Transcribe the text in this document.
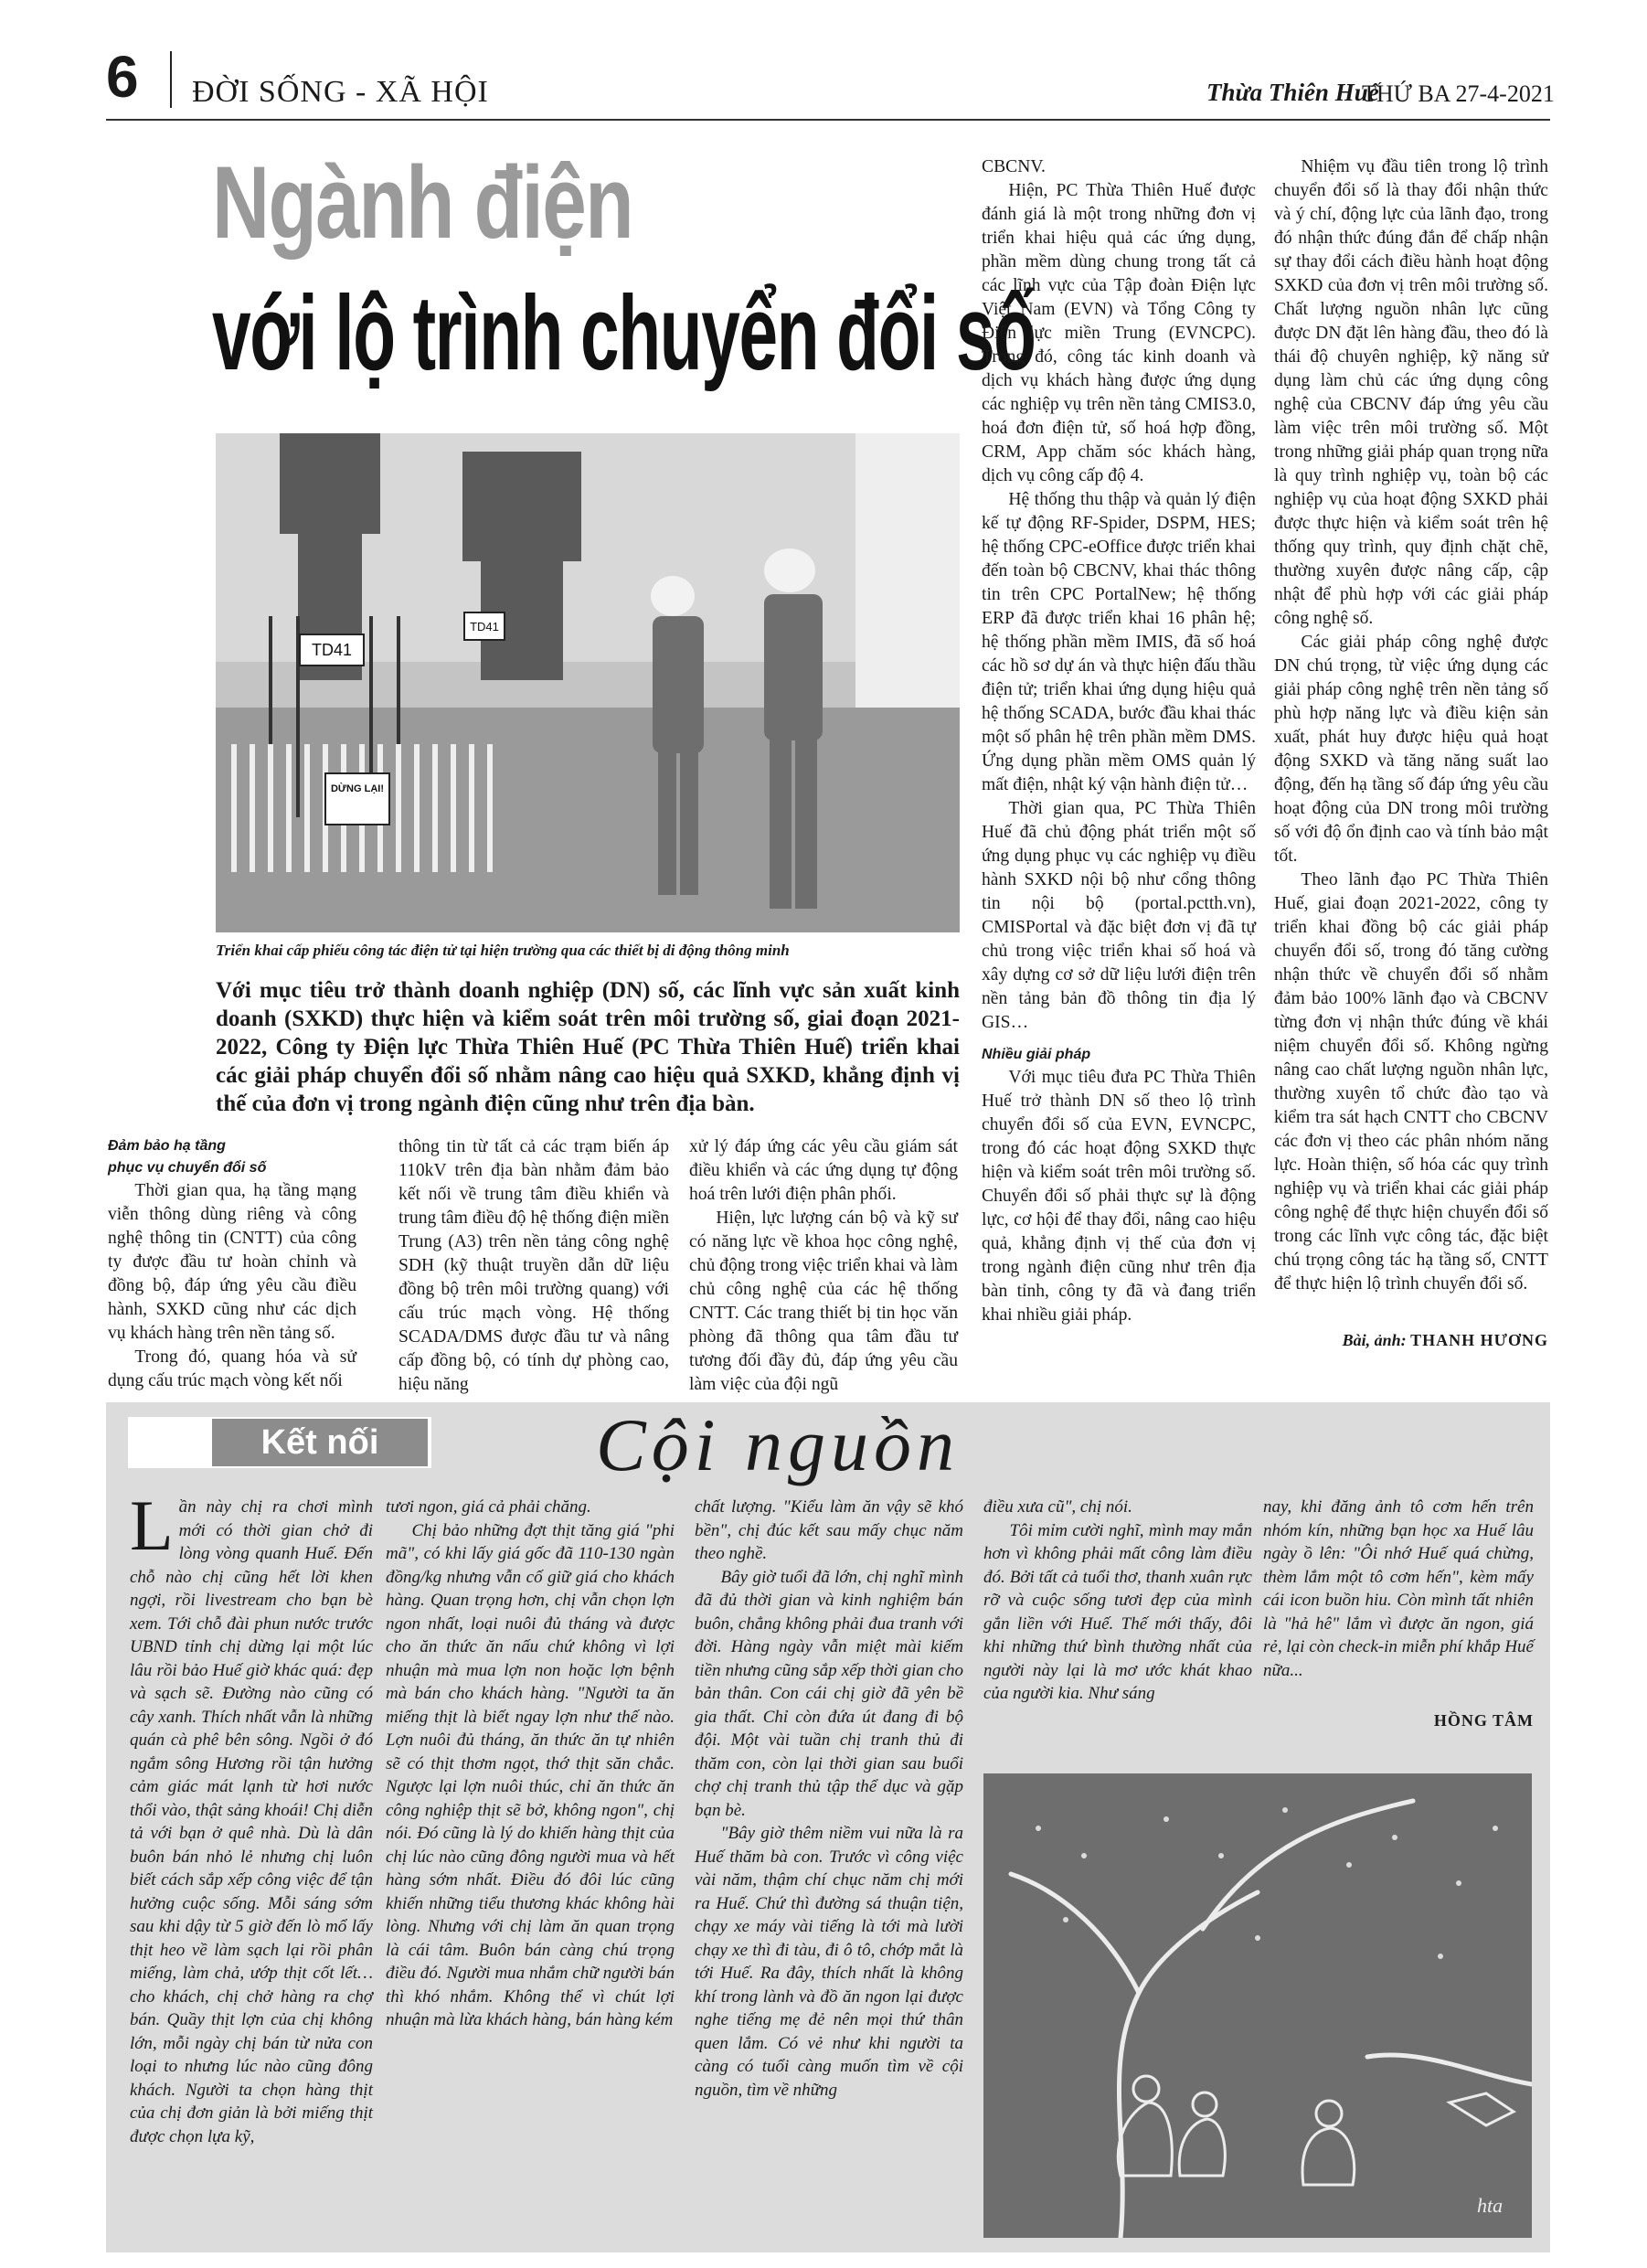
6 ĐỜI SỐNG - XÃ HỘI	Thừa Thiên Huế
THỨ BA 27-4-2021
Ngành điện
với lộ trình chuyển đổi số
TD41
TD41
DỪNG LẠI!
Triển khai cấp phiếu công tác điện tử tại hiện trường qua các thiết bị di động thông minh
Với mục tiêu trở thành doanh nghiệp (DN) số, các lĩnh vực sản xuất kinh doanh (SXKD) thực hiện và kiểm soát trên môi trường số, giai đoạn 2021-2022, Công ty Điện lực Thừa Thiên Huế (PC Thừa Thiên Huế) triển khai các giải pháp chuyển đổi số nhằm nâng cao hiệu quả SXKD, khẳng định vị thế của đơn vị trong ngành điện cũng như trên địa bàn.

Đảm bảo hạ tầng

phục vụ chuyển đổi số

Thời gian qua, hạ tầng mạng viễn thông dùng riêng và công nghệ thông tin (CNTT) của công ty được đầu tư hoàn chỉnh và đồng bộ, đáp ứng yêu cầu điều hành, SXKD cũng như các dịch vụ khách hàng trên nền tảng số.

Trong đó, quang hóa và sử dụng cấu trúc mạch vòng kết nối

thông tin từ tất cả các trạm biến áp 110kV trên địa bàn nhằm đảm bảo kết nối về trung tâm điều khiển và trung tâm điều độ hệ thống điện miền Trung (A3) trên nền tảng công nghệ SDH (kỹ thuật truyền dẫn dữ liệu đồng bộ trên môi trường quang) với cấu trúc mạch vòng. Hệ thống SCADA/DMS được đầu tư và nâng cấp đồng bộ, có tính dự phòng cao, hiệu năng

xử lý đáp ứng các yêu cầu giám sát điều khiển và các ứng dụng tự động hoá trên lưới điện phân phối.

Hiện, lực lượng cán bộ và kỹ sư có năng lực về khoa học công nghệ, chủ động trong việc triển khai và làm chủ công nghệ của các hệ thống CNTT. Các trang thiết bị tin học văn phòng đã thông qua tâm đầu tư tương đối đầy đủ, đáp ứng yêu cầu làm việc của đội ngũ

CBCNV.

Hiện, PC Thừa Thiên Huế được đánh giá là một trong những đơn vị triển khai hiệu quả các ứng dụng, phần mềm dùng chung trong tất cả các lĩnh vực của Tập đoàn Điện lực Việt Nam (EVN) và Tổng Công ty Điện lực miền Trung (EVNCPC). Trong đó, công tác kinh doanh và dịch vụ khách hàng được ứng dụng các nghiệp vụ trên nền tảng CMIS3.0, hoá đơn điện tử, số hoá hợp đồng, CRM, App chăm sóc khách hàng, dịch vụ công cấp độ 4.

Hệ thống thu thập và quản lý điện kế tự động RF-Spider, DSPM, HES; hệ thống CPC-eOffice được triển khai đến toàn bộ CBCNV, khai thác thông tin trên CPC PortalNew; hệ thống ERP đã được triển khai 16 phân hệ; hệ thống phần mềm IMIS, đã số hoá các hồ sơ dự án và thực hiện đấu thầu điện tử; triển khai ứng dụng hiệu quả hệ thống SCADA, bước đầu khai thác một số phân hệ trên phần mềm DMS. Ứng dụng phần mềm OMS quản lý mất điện, nhật ký vận hành điện tử…

Thời gian qua, PC Thừa Thiên Huế đã chủ động phát triển một số ứng dụng phục vụ các nghiệp vụ điều hành SXKD nội bộ như cổng thông tin nội bộ (portal.pctth.vn), CMISPortal và đặc biệt đơn vị đã tự chủ trong việc triển khai số hoá và xây dựng cơ sở dữ liệu lưới điện trên nền tảng bản đồ thông tin địa lý GIS…

Nhiều giải pháp

Với mục tiêu đưa PC Thừa Thiên Huế trở thành DN số theo lộ trình chuyển đổi số của EVN, EVNCPC, trong đó các hoạt động SXKD thực hiện và kiểm soát trên môi trường số. Chuyển đổi số phải thực sự là động lực, cơ hội để thay đổi, nâng cao hiệu quả, khẳng định vị thế của đơn vị trong ngành điện cũng như trên địa bàn tỉnh, công ty đã và đang triển khai nhiều giải pháp.

Nhiệm vụ đầu tiên trong lộ trình chuyển đổi số là thay đổi nhận thức và ý chí, động lực của lãnh đạo, trong đó nhận thức đúng đắn để chấp nhận sự thay đổi cách điều hành hoạt động SXKD của đơn vị trên môi trường số. Chất lượng nguồn nhân lực cũng được DN đặt lên hàng đầu, theo đó là thái độ chuyên nghiệp, kỹ năng sử dụng làm chủ các ứng dụng công nghệ của CBCNV đáp ứng yêu cầu làm việc trên môi trường số. Một trong những giải pháp quan trọng nữa là quy trình nghiệp vụ, toàn bộ các nghiệp vụ của hoạt động SXKD phải được thực hiện và kiểm soát trên hệ thống quy trình, quy định chặt chẽ, thường xuyên được nâng cấp, cập nhật để phù hợp với các giải pháp công nghệ số.

Các giải pháp công nghệ được DN chú trọng, từ việc ứng dụng các giải pháp công nghệ trên nền tảng số phù hợp năng lực và điều kiện sản xuất, phát huy được hiệu quả hoạt động SXKD và tăng năng suất lao động, đến hạ tầng số đáp ứng yêu cầu hoạt động của DN trong môi trường số với độ ổn định cao và tính bảo mật tốt.

Theo lãnh đạo PC Thừa Thiên Huế, giai đoạn 2021-2022, công ty triển khai đồng bộ các giải pháp chuyển đổi số, trong đó tăng cường nhận thức về chuyển đổi số nhằm đảm bảo 100% lãnh đạo và CBCNV từng đơn vị nhận thức đúng về khái niệm chuyển đổi số. Không ngừng nâng cao chất lượng nguồn nhân lực, thường xuyên tổ chức đào tạo và kiểm tra sát hạch CNTT cho CBCNV các đơn vị theo các phân nhóm năng lực. Hoàn thiện, số hóa các quy trình nghiệp vụ và triển khai các giải pháp công nghệ để thực hiện chuyển đổi số trong các lĩnh vực công tác, đặc biệt chú trọng công tác hạ tầng số, CNTT để thực hiện lộ trình chuyển đổi số.

Bài, ảnh: THANH HƯƠNG
Kết nối	Cội nguồn

Lần này chị ra chơi mình mới có thời gian chở đi lòng vòng quanh Huế. Đến chỗ nào chị cũng hết lời khen ngợi, rồi livestream cho bạn bè xem. Tới chỗ đài phun nước trước UBND tỉnh chị dừng lại một lúc lâu rồi bảo Huế giờ khác quá: đẹp và sạch sẽ. Đường nào cũng có cây xanh. Thích nhất vẫn là những quán cà phê bên sông. Ngồi ở đó ngắm sông Hương rồi tận hưởng cảm giác mát lạnh từ hơi nước thổi vào, thật sảng khoái! Chị diễn tả với bạn ở quê nhà. Dù là dân buôn bán nhỏ lẻ nhưng chị luôn biết cách sắp xếp công việc để tận hưởng cuộc sống. Mỗi sáng sớm sau khi dậy từ 5 giờ đến lò mổ lấy thịt heo về làm sạch lại rồi phân miếng, làm chả, ướp thịt cốt lết… cho khách, chị chở hàng ra chợ bán. Quầy thịt lợn của chị không lớn, mỗi ngày chị bán từ nửa con loại to nhưng lúc nào cũng đông khách. Người ta chọn hàng thịt của chị đơn giản là bởi miếng thịt được chọn lựa kỹ,

tươi ngon, giá cả phải chăng.

Chị bảo những đợt thịt tăng giá "phi mã", có khi lấy giá gốc đã 110-130 ngàn đồng/kg nhưng vẫn cố giữ giá cho khách hàng. Quan trọng hơn, chị vẫn chọn lợn ngon nhất, loại nuôi đủ tháng và được cho ăn thức ăn nấu chứ không vì lợi nhuận mà mua lợn non hoặc lợn bệnh mà bán cho khách hàng. "Người ta ăn miếng thịt là biết ngay lợn như thế nào. Lợn nuôi đủ tháng, ăn thức ăn tự nhiên sẽ có thịt thơm ngọt, thớ thịt săn chắc. Ngược lại lợn nuôi thúc, chỉ ăn thức ăn công nghiệp thịt sẽ bở, không ngon", chị nói. Đó cũng là lý do khiến hàng thịt của chị lúc nào cũng đông người mua và hết hàng sớm nhất. Điều đó đôi lúc cũng khiến những tiểu thương khác không hài lòng. Nhưng với chị làm ăn quan trọng là cái tâm. Buôn bán càng chú trọng điều đó. Người mua nhắm chữ người bán thì khó nhắm. Không thể vì chút lợi nhuận mà lừa khách hàng, bán hàng kém

chất lượng. "Kiểu làm ăn vậy sẽ khó bền", chị đúc kết sau mấy chục năm theo nghề.

Bây giờ tuổi đã lớn, chị nghĩ mình đã đủ thời gian và kinh nghiệm bán buôn, chẳng không phải đua tranh với đời. Hàng ngày vẫn miệt mài kiếm tiền nhưng cũng sắp xếp thời gian cho bản thân. Con cái chị giờ đã yên bề gia thất. Chỉ còn đứa út đang đi bộ đội. Một vài tuần chị tranh thủ đi thăm con, còn lại thời gian sau buổi chợ chị tranh thủ tập thể dục và gặp bạn bè.

"Bây giờ thêm niềm vui nữa là ra Huế thăm bà con. Trước vì công việc vài năm, thậm chí chục năm chị mới ra Huế. Chứ thì đường sá thuận tiện, chạy xe máy vài tiếng là tới mà lười chạy xe thì đi tàu, đi ô tô, chớp mắt là tới Huế. Ra đây, thích nhất là không khí trong lành và đồ ăn ngon lại được nghe tiếng mẹ đẻ nên mọi thứ thân quen lắm. Có vẻ như khi người ta càng có tuổi càng muốn tìm về cội nguồn, tìm về những

điều xưa cũ", chị nói.

Tôi mỉm cười nghĩ, mình may mắn hơn vì không phải mất công làm điều đó. Bởi tất cả tuổi thơ, thanh xuân rực rỡ và cuộc sống tươi đẹp của mình gắn liền với Huế. Thế mới thấy, đôi khi những thứ bình thường nhất của người này lại là mơ ước khát khao của người kia. Như sáng

nay, khi đăng ảnh tô cơm hến trên nhóm kín, những bạn học xa Huế lâu ngày ồ lên: "Ôi nhớ Huế quá chừng, thèm lắm một tô cơm hến", kèm mấy cái icon buồn hiu. Còn mình tất nhiên là "hả hê" lắm vì được ăn ngon, giá rẻ, lại còn check-in miễn phí khắp Huế nữa...

HỒNG TÂM
hta
